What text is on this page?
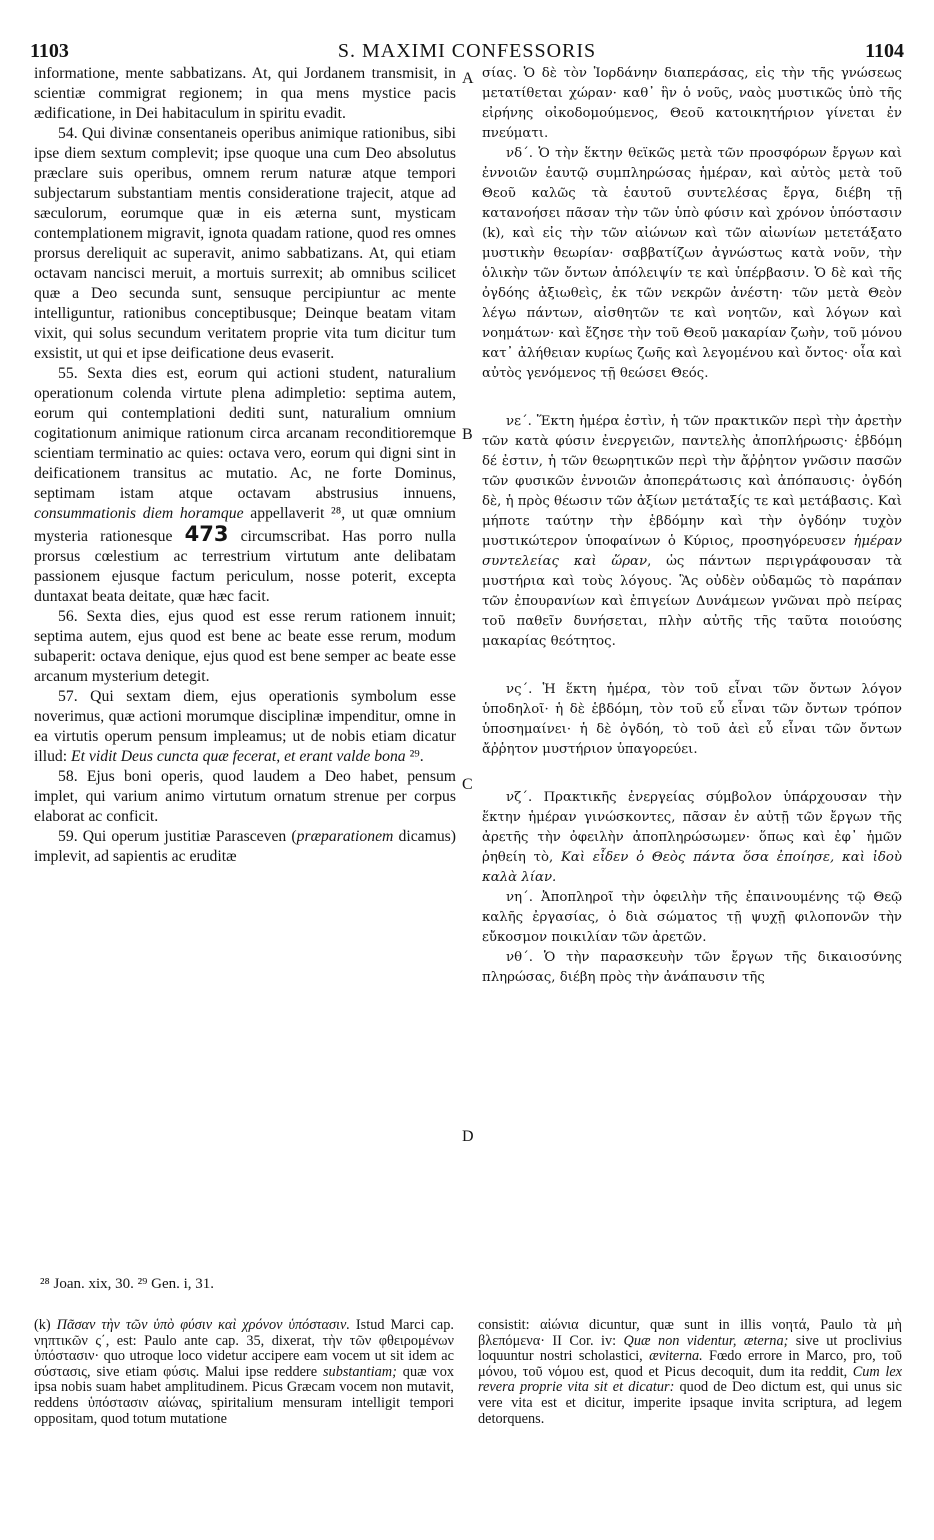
1103	S. MAXIMI CONFESSORIS	1104
A
B
C
D

informatione, mente sabbatizans. At, qui Jordanem transmisit, in scientiæ commigrat regionem; in qua mens mystice pacis ædificatione, in Dei habitaculum in spiritu evadit.

54. Qui divinæ consentaneis operibus animique rationibus, sibi ipse diem sextum complevit; ipse quoque una cum Deo absolutus præclare suis operibus, omnem rerum naturæ atque tempori subjectarum substantiam mentis consideratione trajecit, atque ad sæculorum, eorumque quæ in eis æterna sunt, mysticam contemplationem migravit, ignota quadam ratione, quod res omnes prorsus dereliquit ac superavit, animo sabbatizans. At, qui etiam octavam nancisci meruit, a mortuis surrexit; ab omnibus scilicet quæ a Deo secunda sunt, sensuque percipiuntur ac mente intelliguntur, rationibus conceptibusque; Deinque beatam vitam vixit, qui solus secundum veritatem proprie vita tum dicitur tum exsistit, ut qui et ipse deificatione deus evaserit.

55. Sexta dies est, eorum qui actioni student, naturalium operationum colenda virtute plena adimpletio: septima autem, eorum qui contemplationi dediti sunt, naturalium omnium cogitationum animique rationum circa arcanam reconditioremque scientiam terminatio ac quies: octava vero, eorum qui digni sint in deificationem transitus ac mutatio. Ac, ne forte Dominus, septimam istam atque octavam abstrusius innuens, consummationis diem horamque appellaverit ²⁸, ut quæ omnium mysteria rationesque 473 circumscribat. Has porro nulla prorsus cœlestium ac terrestrium virtutum ante delibatam passionem ejusque factum periculum, nosse poterit, excepta duntaxat beata deitate, quæ hæc facit.

56. Sexta dies, ejus quod est esse rerum rationem innuit; septima autem, ejus quod est bene ac beate esse rerum, modum subaperit: octava denique, ejus quod est bene semper ac beate esse arcanum mysterium detegit.

57. Qui sextam diem, ejus operationis symbolum esse noverimus, quæ actioni morumque disciplinæ impenditur, omne in ea virtutis operum pensum impleamus; ut de nobis etiam dicatur illud: Et vidit Deus cuncta quæ fecerat, et erant valde bona ²⁹.

58. Ejus boni operis, quod laudem a Deo habet, pensum implet, qui varium animo virtutum ornatum strenue per corpus elaborat ac conficit.

59. Qui operum justitiæ Parasceven (præparationem dicamus) implevit, ad sapientis ac eruditæ

σίας. Ὁ δὲ τὸν Ἰορδάνην διαπεράσας, εἰς τὴν τῆς γνώσεως μετατίθεται χώραν· καθ᾽ ἣν ὁ νοῦς, ναὸς μυστικῶς ὑπὸ τῆς εἰρήνης οἰκοδομούμενος, Θεοῦ κατοικητήριον γίνεται ἐν πνεύματι.

νδ΄. Ὁ τὴν ἕκτην θεϊκῶς μετὰ τῶν προσφόρων ἔργων καὶ ἐννοιῶν ἑαυτῷ συμπληρώσας ἡμέραν, καὶ αὐτὸς μετὰ τοῦ Θεοῦ καλῶς τὰ ἑαυτοῦ συντελέσας ἔργα, διέβη τῇ κατανοήσει πᾶσαν τὴν τῶν ὑπὸ φύσιν καὶ χρόνον ὑπόστασιν (k), καὶ εἰς τὴν τῶν αἰώνων καὶ τῶν αἰωνίων μετετάξατο μυστικὴν θεωρίαν· σαββατίζων ἀγνώστως κατὰ νοῦν, τὴν ὁλικὴν τῶν ὄντων ἀπόλειψίν τε καὶ ὑπέρβασιν. Ὁ δὲ καὶ τῆς ὀγδόης ἀξιωθεὶς, ἐκ τῶν νεκρῶν ἀνέστη· τῶν μετὰ Θεὸν λέγω πάντων, αἰσθητῶν τε καὶ νοητῶν, καὶ λόγων καὶ νοημάτων· καὶ ἔζησε τὴν τοῦ Θεοῦ μακαρίαν ζωὴν, τοῦ μόνου κατ᾽ ἀλήθειαν κυρίως ζωῆς καὶ λεγομένου καὶ ὄντος· οἷα καὶ αὐτὸς γενόμενος τῇ θεώσει Θεός.

νε΄. Ἕκτη ἡμέρα ἐστὶν, ἡ τῶν πρακτικῶν περὶ τὴν ἀρετὴν τῶν κατὰ φύσιν ἐνεργειῶν, παντελὴς ἀποπλήρωσις· ἑβδόμη δέ ἐστιν, ἡ τῶν θεωρητικῶν περὶ τὴν ἄῤῥητον γνῶσιν πασῶν τῶν φυσικῶν ἐννοιῶν ἀποπεράτωσις καὶ ἀπόπαυσις· ὀγδόη δὲ, ἡ πρὸς θέωσιν τῶν ἀξίων μετάταξίς τε καὶ μετάβασις. Καὶ μήποτε ταύτην τὴν ἑβδόμην καὶ τὴν ὀγδόην τυχὸν μυστικώτερον ὑποφαίνων ὁ Κύριος, προσηγόρευσεν ἡμέραν συντελείας καὶ ὥραν, ὡς πάντων περιγράφουσαν τὰ μυστήρια καὶ τοὺς λόγους. Ἃς οὐδὲν οὐδαμῶς τὸ παράπαν τῶν ἐπουρανίων καὶ ἐπιγείων Δυνάμεων γνῶναι πρὸ πείρας τοῦ παθεῖν δυνήσεται, πλὴν αὐτῆς τῆς ταῦτα ποιούσης μακαρίας θεότητος.

νς΄. Ἡ ἕκτη ἡμέρα, τὸν τοῦ εἶναι τῶν ὄντων λόγον ὑποδηλοῖ· ἡ δὲ ἑβδόμη, τὸν τοῦ εὖ εἶναι τῶν ὄντων τρόπον ὑποσημαίνει· ἡ δὲ ὀγδόη, τὸ τοῦ ἀεὶ εὖ εἶναι τῶν ὄντων ἄῤῥητον μυστήριον ὑπαγορεύει.

νζ΄. Πρακτικῆς ἐνεργείας σύμβολον ὑπάρχουσαν τὴν ἕκτην ἡμέραν γινώσκοντες, πᾶσαν ἐν αὐτῇ τῶν ἔργων τῆς ἀρετῆς τὴν ὀφειλὴν ἀποπληρώσωμεν· ὅπως καὶ ἐφ᾽ ἡμῶν ῥηθείη τὸ, Καὶ εἶδεν ὁ Θεὸς πάντα ὅσα ἐποίησε, καὶ ἰδοὺ καλὰ λίαν.

νη΄. Ἀποπληροῖ τὴν ὀφειλὴν τῆς ἐπαινουμένης τῷ Θεῷ καλῆς ἐργασίας, ὁ διὰ σώματος τῇ ψυχῇ φιλοπονῶν τὴν εὔκοσμον ποικιλίαν τῶν ἀρετῶν.

νθ΄. Ὁ τὴν παρασκευὴν τῶν ἔργων τῆς δικαιοσύνης πληρώσας, διέβη πρὸς τὴν ἀνάπαυσιν τῆς

²⁸ Joan. xix, 30. ²⁹ Gen. i, 31.

(k) Πᾶσαν τὴν τῶν ὑπὸ φύσιν καὶ χρόνον ὑπόστασιν. Istud Marci cap. νηπτικῶν ς΄, est: Paulo ante cap. 35, dixerat, τὴν τῶν φθειρομένων ὑπόστασιν· quo utroque loco videtur accipere eam vocem ut sit idem ac σύστασις, sive etiam φύσις. Malui ipse reddere substantiam; quæ vox ipsa nobis suam habet amplitudinem. Picus Græcam vocem non mutavit, reddens ὑπόστασιν αἰώνας, spiritalium mensuram intelligit tempori oppositam, quod totum mutatione

consistit: αἰώνια dicuntur, quæ sunt in illis νοητά, Paulo τὰ μὴ βλεπόμενα· II Cor. iv: Quæ non videntur, æterna; sive ut proclivius loquuntur nostri scholastici, æviterna. Fœdo errore in Marco, pro, τοῦ μόνου, τοῦ νόμου est, quod et Picus decoquit, dum ita reddit, Cum lex revera proprie vita sit et dicatur: quod de Deo dictum est, qui unus sic vere vita est et dicitur, imperite ipsaque invita scriptura, ad legem detorquens.
